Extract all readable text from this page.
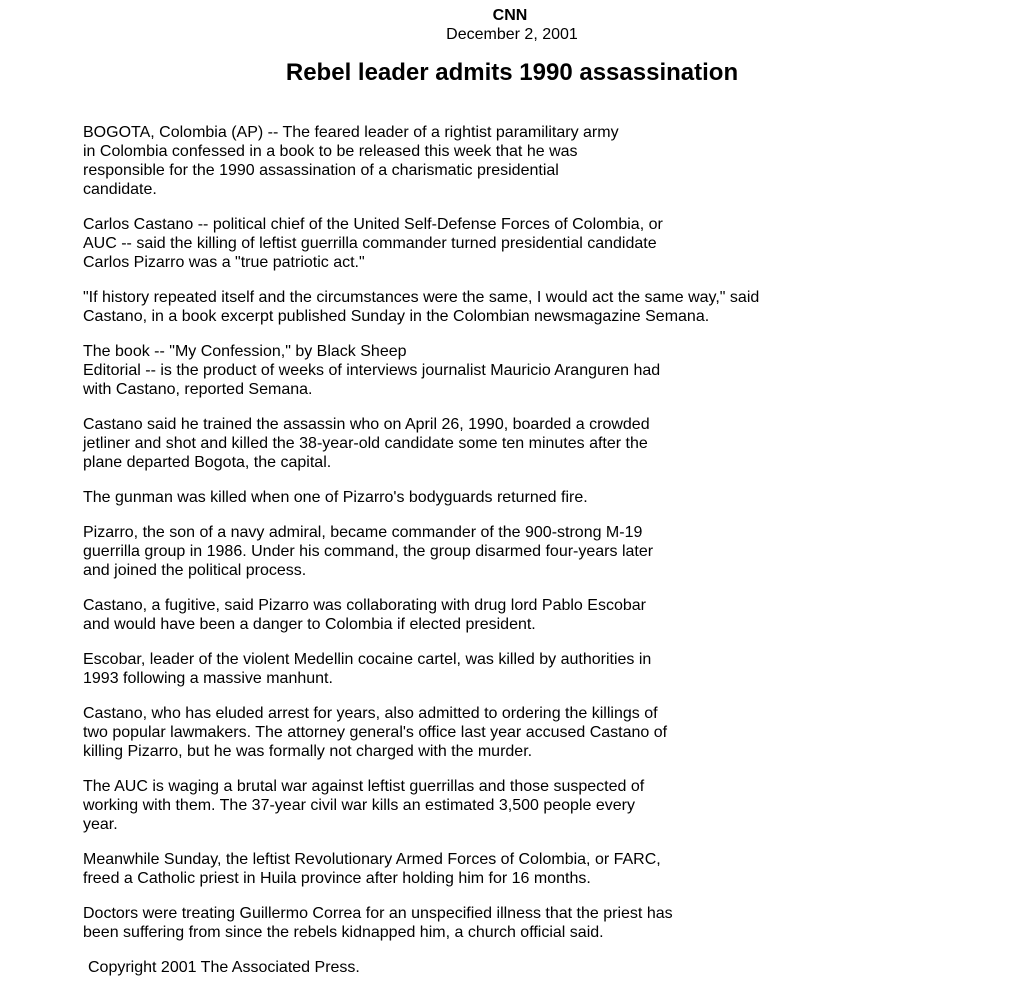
CNN
December 2, 2001
Rebel leader admits 1990 assassination

BOGOTA, Colombia (AP) -- The feared leader of a rightist paramilitary army
in Colombia confessed in a book to be released this week that he was
responsible for the 1990 assassination of a charismatic presidential
candidate.

Carlos Castano -- political chief of the United Self-Defense Forces of Colombia, or
AUC -- said the killing of leftist guerrilla commander turned presidential candidate
Carlos Pizarro was a "true patriotic act."

"If history repeated itself and the circumstances were the same, I would act the same way," said
Castano, in a book excerpt published Sunday in the Colombian newsmagazine Semana.

The book -- "My Confession," by Black Sheep
Editorial -- is the product of weeks of interviews journalist Mauricio Aranguren had
with Castano, reported Semana.

Castano said he trained the assassin who on April 26, 1990, boarded a crowded
jetliner and shot and killed the 38-year-old candidate some ten minutes after the
plane departed Bogota, the capital.

The gunman was killed when one of Pizarro's bodyguards returned fire.

Pizarro, the son of a navy admiral, became commander of the 900-strong M-19
guerrilla group in 1986. Under his command, the group disarmed four-years later
and joined the political process.

Castano, a fugitive, said Pizarro was collaborating with drug lord Pablo Escobar
and would have been a danger to Colombia if elected president.

Escobar, leader of the violent Medellin cocaine cartel, was killed by authorities in
1993 following a massive manhunt.

Castano, who has eluded arrest for years, also admitted to ordering the killings of
two popular lawmakers. The attorney general's office last year accused Castano of
killing Pizarro, but he was formally not charged with the murder.

The AUC is waging a brutal war against leftist guerrillas and those suspected of
working with them. The 37-year civil war kills an estimated 3,500 people every
year.

Meanwhile Sunday, the leftist Revolutionary Armed Forces of Colombia, or FARC,
freed a Catholic priest in Huila province after holding him for 16 months.

Doctors were treating Guillermo Correa for an unspecified illness that the priest has
been suffering from since the rebels kidnapped him, a church official said.

Copyright 2001 The Associated Press.
